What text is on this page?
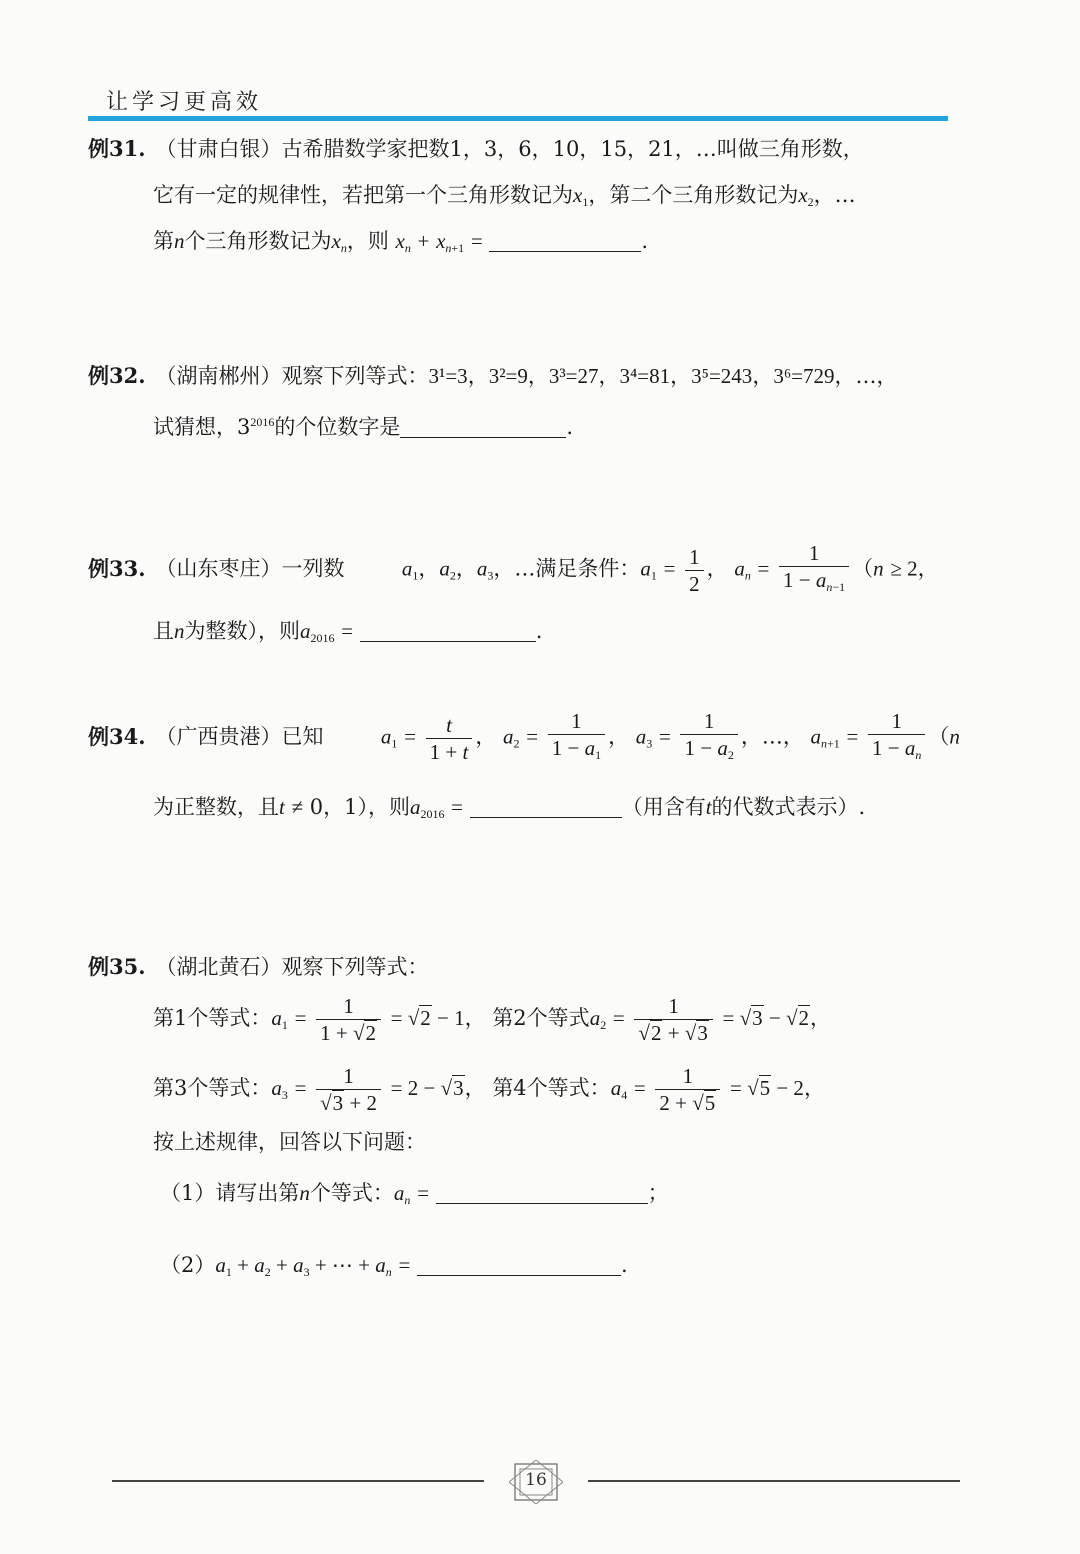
让学习更高效
例31. （甘肃白银）古希腊数学家把数1，3，6，10，15，21，…叫做三角形数，
它有一定的规律性，若把第一个三角形数记为$x_1$，第二个三角形数记为$x_2$，…
第n个三角形数记为$x_n$，则 $x_n + x_{n+1}$ =	.
例32. （湖南郴州）观察下列等式：3¹=3，3²=9，3³=27，3⁴=81，3⁵=243，3⁶=729，…，
试猜想，$3^{2016}$的个位数字是	.
例33. （山东枣庄）一列数	$a_1$，$a_2$，$a_3$，…满足条件：$a_1 = \frac{1}{2}$ ， $a_n = \frac{1}{1 - a_{n-1}} (n \ge 2$，
且n为整数），则$a_{2016}$ =	.
例34. （广西贵港）已知	$a_1 = \frac{t}{1 + t}$ ， $a_2 = \frac{1}{1 - a_1}$ ， $a_3 = \frac{1}{1 - a_2}$ ，…， $a_{n+1} = \frac{1}{1 - a_n} (n$
为正整数，且t ≠ 0，1），则$a_{2016}$ =	（用含有t的代数式表示）.
例35. （湖北黄石）观察下列等式：
第1个等式：$a_1 = \frac{1}{1 + √2} = √2 - 1$， 第2个等式$a_2 = \frac{1}{√2 + √3} = √3 - √2$，
第3个等式：$a_3 = \frac{1}{√3 + 2} = 2 - √3$， 第4个等式：$a_4 = \frac{1}{2 + √5} = √5 - 2$，
按上述规律，回答以下问题：
（1）请写出第n个等式：$a_n$ =	；
$(2)a_1 + a_2 + a_3$ + ⋯ + $a_n$ =	.
16
